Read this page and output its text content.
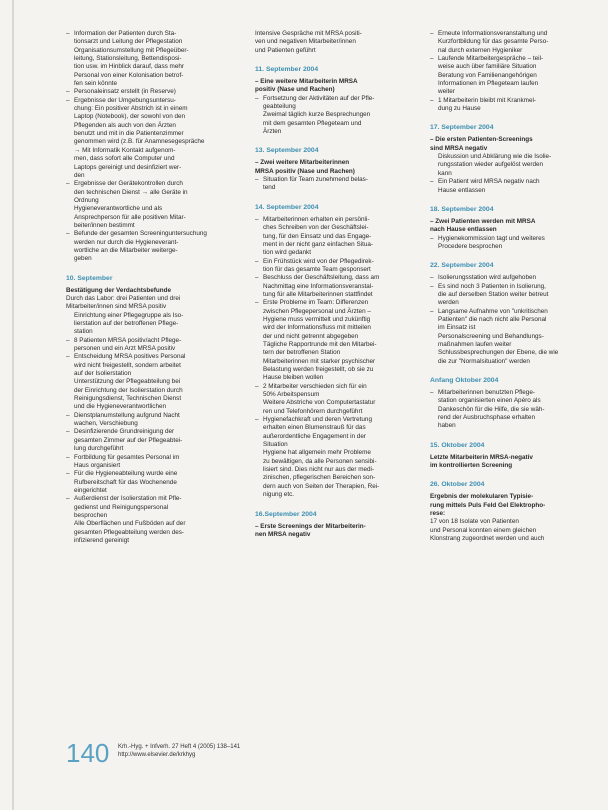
– Information der Patienten durch Sta-
tionsarzt und Leitung der Pflegestation
Organisationsumstellung mit Pflegeüber-
leitung, Stationsleitung, Bettendisposi-
tion usw. im Hinblick darauf, dass mehr
Personal von einer Kolonisation betrof-
fen sein könnte
– Personaleinsatz erstellt (in Reserve)
– Ergebnisse der Umgebungsuntersu-
chung: Ein positiver Abstrich ist in einem
Laptop (Notebook), der sowohl von den
Pflegenden als auch von den Ärzten
benutzt und mit in die Patientenzimmer
genommen wird (z.B. für Anamnesegespräche
→ Mit Informatik Kontakt aufgenom-
men, dass sofort alle Computer und
Laptops gereinigt und desinfiziert wer-
den
– Ergebnisse der Gerätekontrollen durch
den technischen Dienst → alle Geräte in
Ordnung
Hygieneverantwortliche und als
Ansprechperson für alle positiven Mitar-
beiter/innen bestimmt
– Befunde der gesamten Screeninguntersuchung
werden nur durch die Hygieneverant-
wortliche an die Mitarbeiter weiterge-
geben
10. September
Bestätigung der Verdachtsbefunde
Durch das Labor: drei Patienten und drei
Mitarbeiter/innen sind MRSA positiv
Einrichtung einer Pflegegruppe als Iso-
lierstation auf der betroffenen Pflege-
station
– 8 Patienten MRSA positiv/acht Pflege-
personen und ein Arzt MRSA positiv
– Entscheidung MRSA positives Personal
wird nicht freigestellt, sondern arbeitet
auf der Isolierstation
Unterstützung der Pflegeabteilung bei
der Einrichtung der Isolierstation durch
Reinigungsdienst, Technischen Dienst
und die Hygieneverantwortlichen
– Dienstplanumstellung aufgrund Nacht
wachen, Verschiebung
– Desinfizierende Grundreinigung der
gesamten Zimmer auf der Pflegeabtei-
lung durchgeführt
– Fortbildung für gesamtes Personal im
Haus organisiert
– Für die Hygieneabteilung wurde eine
Rufbereitschaft für das Wochenende
eingerichtet
– Außerdienst der Isolierstation mit Pfle-
gedienst und Reinigungspersonal
besprochen
Alle Oberflächen und Fußböden auf der
gesamten Pflegeabteilung werden des-
infizierend gereinigt
Intensive Gespräche mit MRSA positi-
ven und negativen Mitarbeiter/innen
und Patienten geführt
11. September 2004
– Eine weitere Mitarbeiterin MRSA
positiv (Nase und Rachen)
– Fortsetzung der Aktivitäten auf der Pfle-
geabteilung
Zweimal täglich kurze Besprechungen
mit dem gesamten Pflegeteam und
Ärzten
13. September 2004
– Zwei weitere Mitarbeiterinnen
MRSA positiv (Nase und Rachen)
– Situation für Team zunehmend belas-
tend
14. September 2004
– Mitarbeiterinnen erhalten ein persönli-
ches Schreiben von der Geschäftslei-
tung, für den Einsatz und das Engage-
ment in der nicht ganz einfachen Situa-
tion wird gedankt
– Ein Frühstück wird von der Pflegedirek-
tion für das gesamte Team gesponsert
– Beschluss der Geschäftsleitung, dass am
Nachmittag eine Informationsveranstal-
tung für alle Mitarbeiterinnen stattfindet
– Erste Probleme im Team: Differenzen
zwischen Pflegepersonal und Ärzten –
Hygiene muss vermittelt und zukünftig
wird der Informationsfluss mit mitteilen
der und nicht getrennt abgegeben
Tägliche Rapportrunde mit den Mitarbei-
tern der betroffenen Station
Mitarbeiterinnen mit starker psychischer
Belastung werden freigestellt, ob sie zu
Hause bleiben wollen
– 2 Mitarbeiter verschieden sich für ein
50% Arbeitspensum
Weitere Abstriche von Computertastatur
ren und Telefonhörern durchgeführt
– Hygienefachkraft und deren Vertretung
erhalten einen Blumenstrauß für das
außerordentliche Engagement in der
Situation
Hygiene hat allgemein mehr Probleme
zu bewältigen, da alle Personen sensibi-
lisiert sind. Dies nicht nur aus der medi-
zinischen, pflegerischen Bereichen son-
dern auch von Seiten der Therapien, Rei-
nigung etc.
16.September 2004
– Erste Screenings der Mitarbeiterin-
nen MRSA negativ
– Erneute Informationsveranstaltung und
Kurzfortbildung für das gesamte Perso-
nal durch externen Hygieniker
– Laufende Mitarbeitergespräche – teil-
weise auch über familiäre Situation
Beratung von Familienangehörigen
Informationen im Pflegeteam laufen
weiter
– 1 Mitarbeiterin bleibt mit Krankmel-
dung zu Hause
17. September 2004
– Die ersten Patienten-Screenings
sind MRSA negativ
Diskussion und Abklärung wie die Isolie-
rungsstation wieder aufgelöst werden
kann
– Ein Patient wird MRSA negativ nach
Hause entlassen
18. September 2004
– Zwei Patienten werden mit MRSA
nach Hause entlassen
– Hygienekommission tagt und weiteres
Procedere besprochen
22. September 2004
– Isolierungsstation wird aufgehoben
– Es sind noch 3 Patienten in Isolierung,
die auf derselben Station weiter betreut
werden
– Langsame Aufnahme von "unkritischen
Patienten" die nach nicht alle Personal
im Einsatz ist
Personalscreening und Behandlungs-
maßnahmen laufen weiter
Schlussbesprechungen der Ebene, die wie
die zur "Normalsituation" werden
Anfang Oktober 2004
– Mitarbeiterinnen benutzten Pflege-
station organisierten einen Apéro als
Dankeschön für die Hilfe, die sie wäh-
rend der Ausbruchsphase erhalten
haben
15. Oktober 2004
Letzte Mitarbeiterin MRSA-negativ
im kontrollierten Screening
26. Oktober 2004
Ergebnis der molekularen Typisie-
rung mittels Puls Feld Gel Elektropho-
rese:
17 von 18 Isolate von Patienten
und Personal konnten einem gleichen
Klonstrang zugeordnet werden und auch
140 Krh.-Hyg. + Infverh. 27 Heft 4 (2005) 138–141
http://www.elsevier.de/krkhyg
